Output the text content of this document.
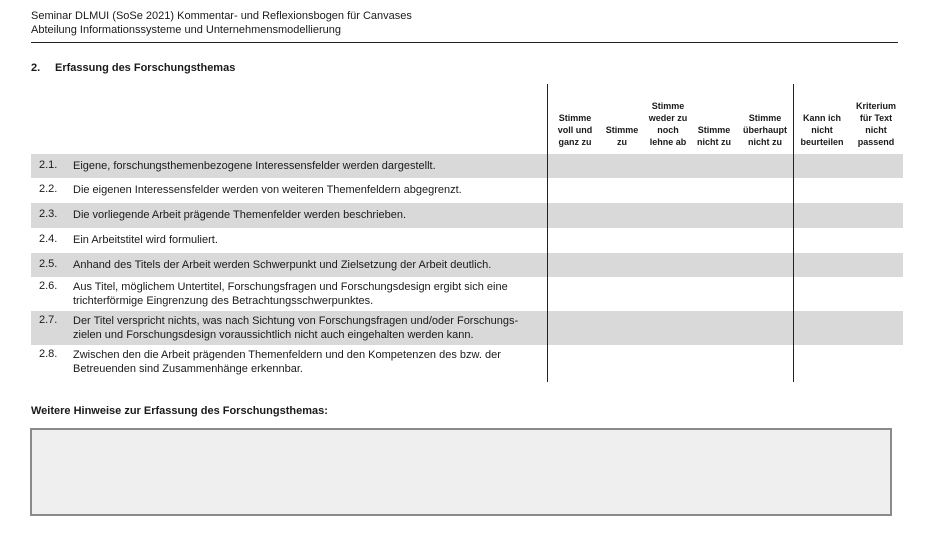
Seminar DLMUI (SoSe 2021) Kommentar- und Reflexionsbogen für Canvases
Abteilung Informationssysteme und Unternehmensmodellierung
2. Erfassung des Forschungsthemas
2.1. Eigene, forschungsthemenbezogene Interessensfelder werden dargestellt.
2.2. Die eigenen Interessensfelder werden von weiteren Themenfeldern abgegrenzt.
2.3. Die vorliegende Arbeit prägende Themenfelder werden beschrieben.
2.4. Ein Arbeitstitel wird formuliert.
2.5. Anhand des Titels der Arbeit werden Schwerpunkt und Zielsetzung der Arbeit deutlich.
2.6. Aus Titel, möglichem Untertitel, Forschungsfragen und Forschungsdesign ergibt sich eine trichterförmige Eingrenzung des Betrachtungsschwerpunktes.
2.7. Der Titel verspricht nichts, was nach Sichtung von Forschungsfragen und/oder Forschungs-zielen und Forschungsdesign voraussichtlich nicht auch eingehalten werden kann.
2.8. Zwischen den die Arbeit prägenden Themenfeldern und den Kompetenzen des bzw. der Betreuenden sind Zusammenhänge erkennbar.
Stimme voll und ganz zu
Stimme zu
Stimme weder zu noch lehne ab
Stimme nicht zu
Stimme überhaupt nicht zu
Kann ich nicht beurteilen
Kriterium für Text nicht passend
Weitere Hinweise zur Erfassung des Forschungsthemas:
